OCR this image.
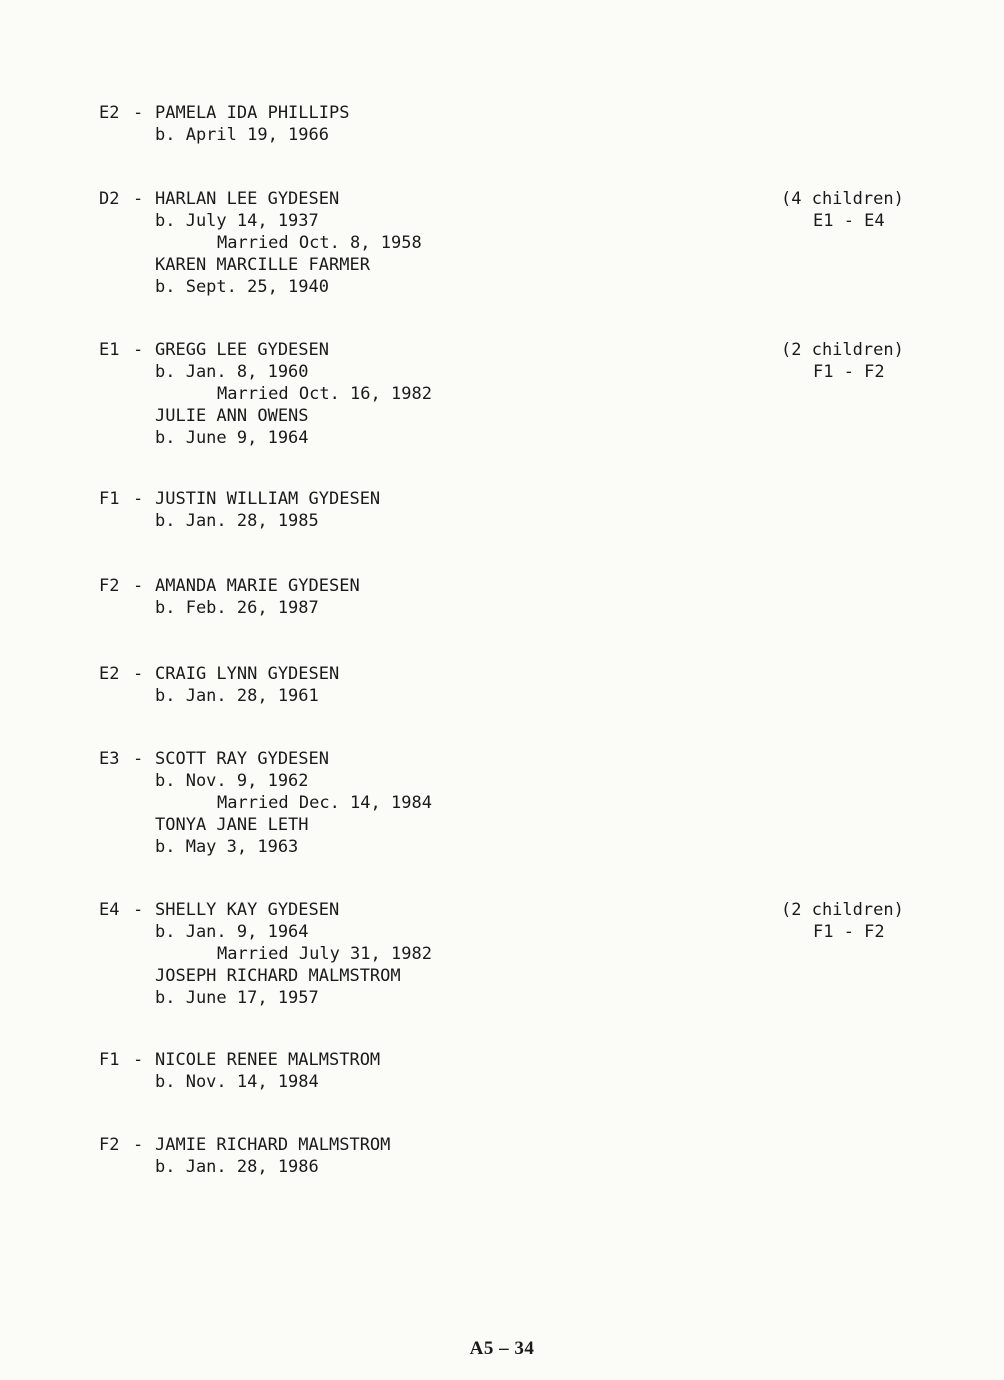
E2 - PAMELA IDA PHILLIPS
b. April 19, 1966
D2 - HARLAN LEE GYDESEN
b. July 14, 1937
Married Oct. 8, 1958
KAREN MARCILLE FARMER
b. Sept. 25, 1940
(4 children)
E1 - E4
E1 - GREGG LEE GYDESEN
b. Jan. 8, 1960
Married Oct. 16, 1982
JULIE ANN OWENS
b. June 9, 1964
(2 children)
F1 - F2
F1 - JUSTIN WILLIAM GYDESEN
b. Jan. 28, 1985
F2 - AMANDA MARIE GYDESEN
b. Feb. 26, 1987
E2 - CRAIG LYNN GYDESEN
b. Jan. 28, 1961
E3 - SCOTT RAY GYDESEN
b. Nov. 9, 1962
Married Dec. 14, 1984
TONYA JANE LETH
b. May 3, 1963
E4 - SHELLY KAY GYDESEN
b. Jan. 9, 1964
Married July 31, 1982
JOSEPH RICHARD MALMSTROM
b. June 17, 1957
(2 children)
F1 - F2
F1 - NICOLE RENEE MALMSTROM
b. Nov. 14, 1984
F2 - JAMIE RICHARD MALMSTROM
b. Jan. 28, 1986
A5 – 34
